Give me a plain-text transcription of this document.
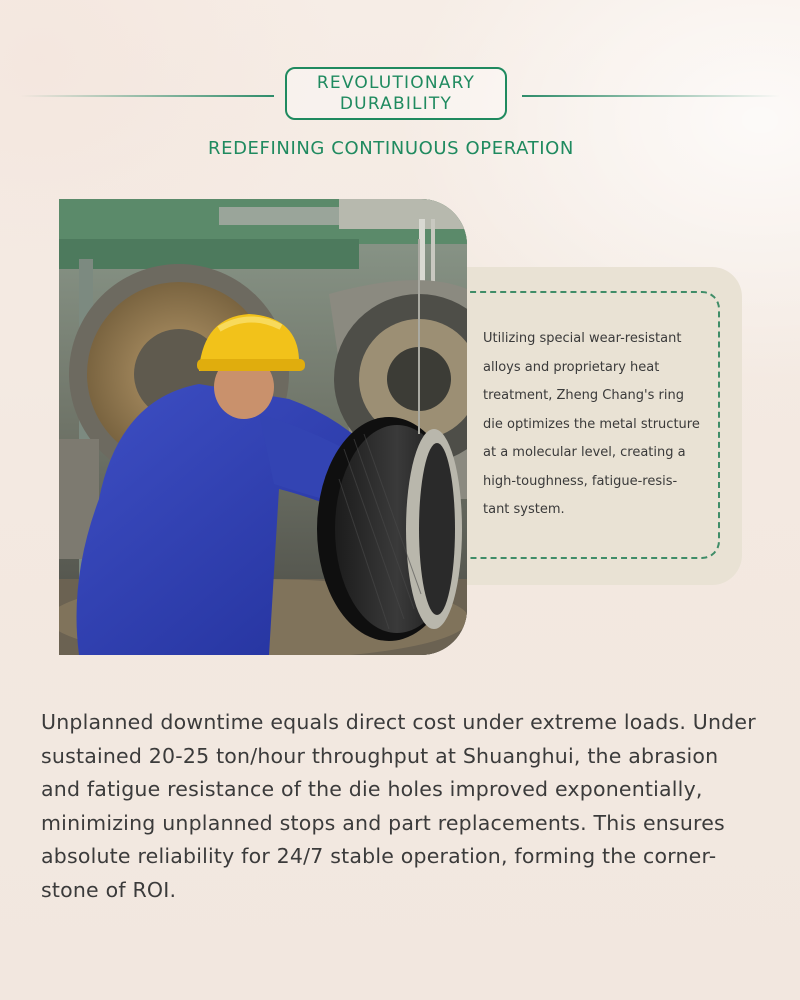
REVOLUTIONARY
DURABILITY
REDEFINING CONTINUOUS OPERATION
Utilizing special wear-resistant
alloys and proprietary heat
treatment, Zheng Chang's ring
die optimizes the metal structure
at a molecular level, creating a
high-toughness, fatigue-resis-
tant system.
Unplanned downtime equals direct cost under extreme loads. Under
sustained 20-25 ton/hour throughput at Shuanghui, the abrasion
and fatigue resistance of the die holes improved exponentially,
minimizing unplanned stops and part replacements. This ensures
absolute reliability for 24/7 stable operation, forming the corner-
stone of ROI.
